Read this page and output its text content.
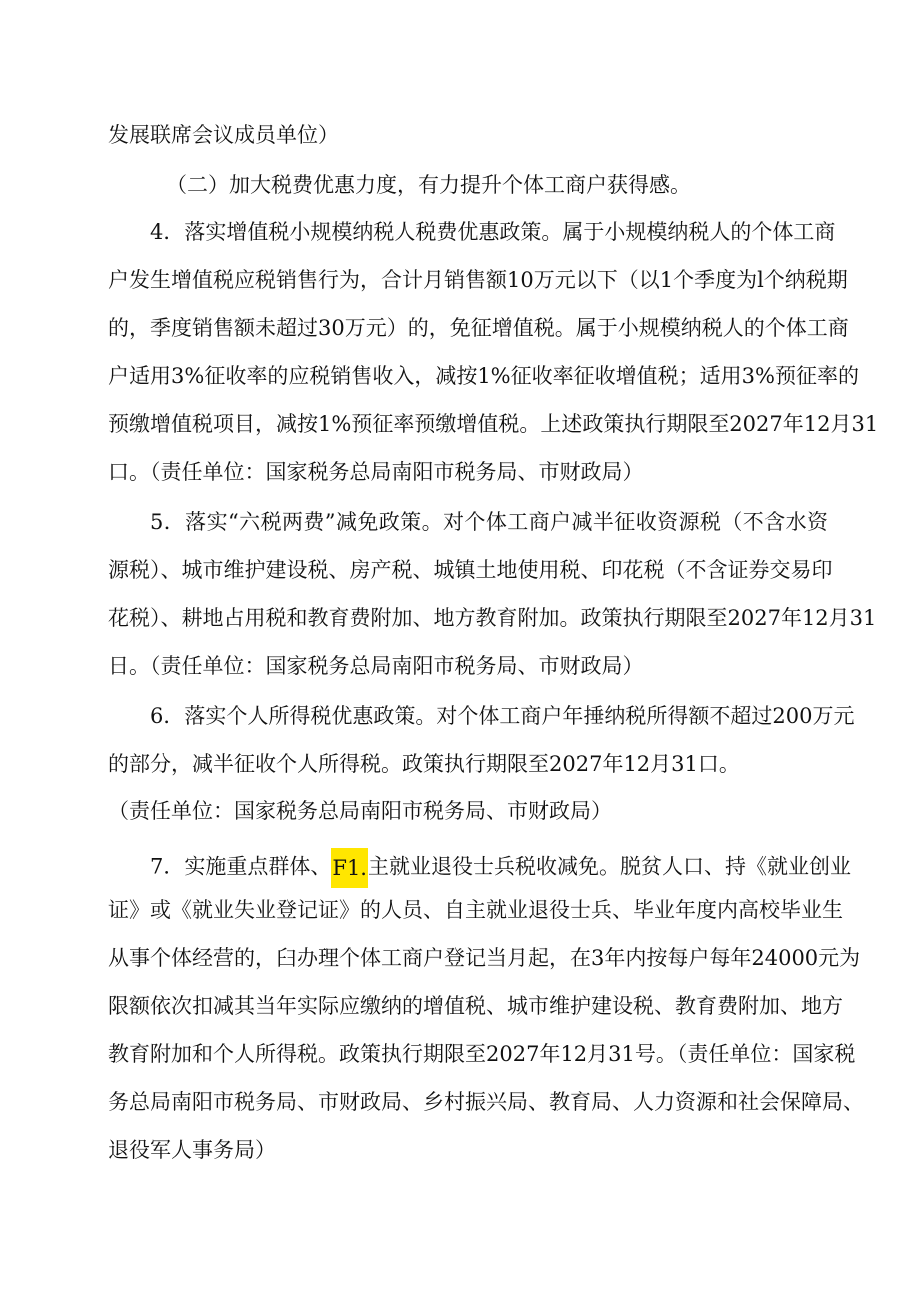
发展联席会议成员单位）
（二）加大税费优惠力度，有力提升个体工商户获得感。
4．落实增值税小规模纳税人税费优惠政策。属于小规模纳税人的个体工商
户发生增值税应税销售行为，合计月销售额10万元以下（以1个季度为l个纳税期
的，季度销售额未超过30万元）的，免征增值税。属于小规模纳税人的个体工商
户适用3%征收率的应税销售收入，减按1%征收率征收增值税；适用3%预征率的
预缴增值税项目，减按1%预征率预缴增值税。上述政策执行期限至2027年12月31
口。（责任单位：国家税务总局南阳市税务局、市财政局）
5．落实“六税两费”减免政策。对个体工商户减半征收资源税（不含水资
源税）、城市维护建设税、房产税、城镇土地使用税、印花税（不含证券交易印
花税）、耕地占用税和教育费附加、地方教育附加。政策执行期限至2027年12月31
日。（责任单位：国家税务总局南阳市税务局、市财政局）
6．落实个人所得税优惠政策。对个体工商户年捶纳税所得额不超过200万元
的部分，减半征收个人所得税。政策执行期限至2027年12月31口。
（责任单位：国家税务总局南阳市税务局、市财政局）
7．实施重点群体、F1.主就业退役士兵税收减免。脱贫人口、持《就业创业
证》或《就业失业登记证》的人员、自主就业退役士兵、毕业年度内高校毕业生
从事个体经营的，臼办理个体工商户登记当月起，在3年内按每户每年24000元为
限额依次扣减其当年实际应缴纳的增值税、城市维护建设税、教育费附加、地方
教育附加和个人所得税。政策执行期限至2027年12月31号。（责任单位：国家税
务总局南阳市税务局、市财政局、乡村振兴局、教育局、人力资源和社会保障局、
退役军人事务局）
